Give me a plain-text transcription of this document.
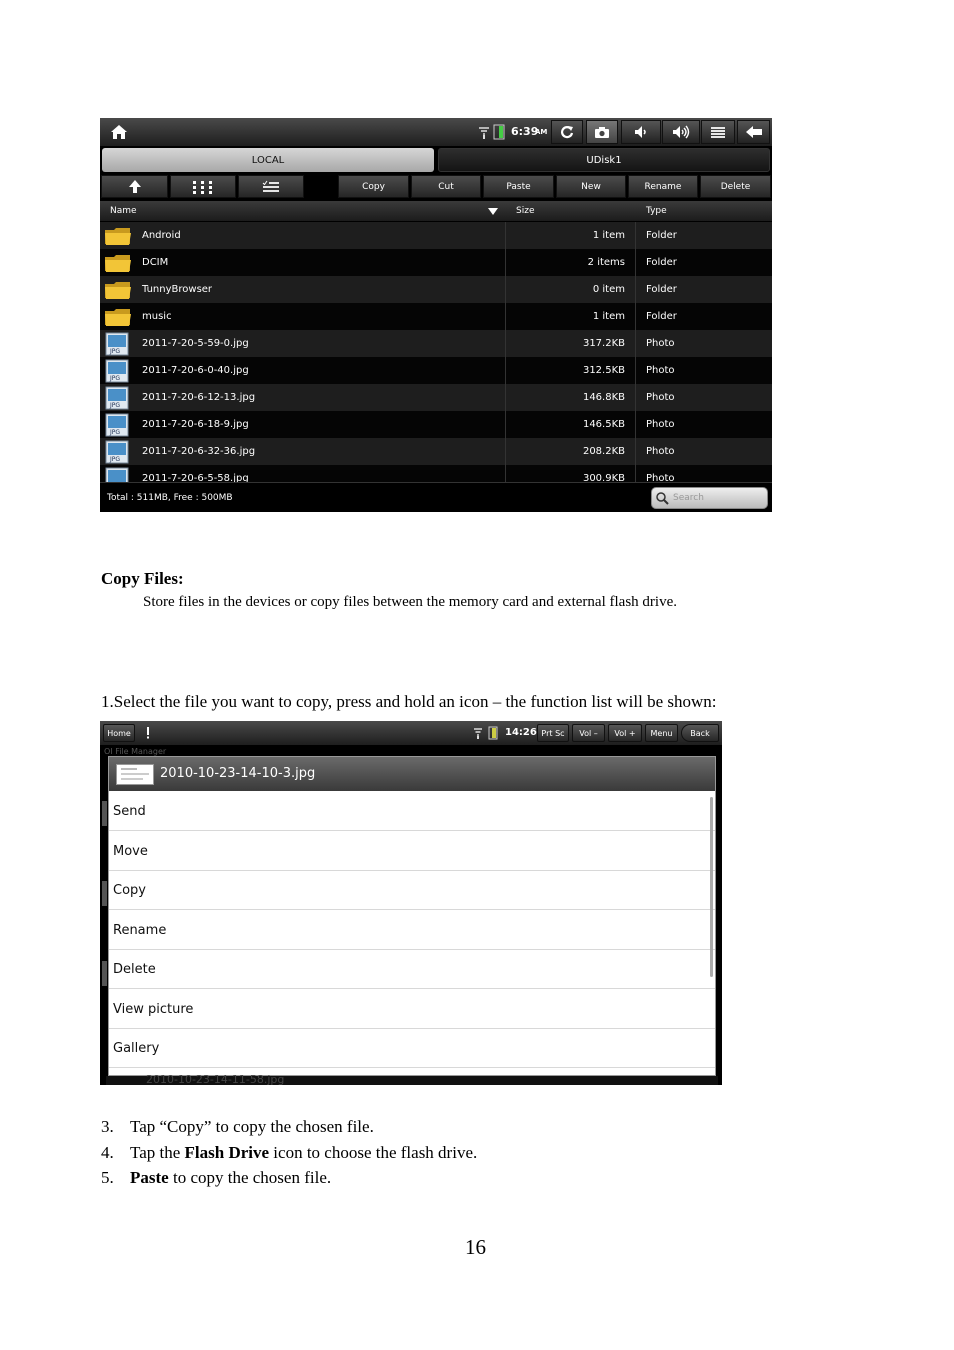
6:39
AM
LOCAL	UDisk1
Copy	Cut	Paste	New	Rename	Delete
Name	Size	Type
Android	1 item Folder
DCIM	2 items Folder
TunnyBrowser	0 item Folder
music	1 item Folder
JPG
2011-7-20-5-59-0.jpg	317.2KB Photo
JPG
2011-7-20-6-0-40.jpg	312.5KB Photo
JPG
2011-7-20-6-12-13.jpg	146.8KB Photo
JPG
2011-7-20-6-18-9.jpg	146.5KB Photo
JPG
2011-7-20-6-32-36.jpg	208.2KB Photo
2011-7-20-6-5-58.jpg	300.9KB Photo
Total : 511MB, Free : 500MB	Search
Copy Files:
Store files in the devices or copy files between the memory card and external flash drive.
1.Select the file you want to copy, press and hold an icon – the function list will be shown:
Home	14:26 Prt Sc	Vol –	Vol +	Menu	Back
OI File Manager
2010-10-23-14-10-3.jpg
Send
Move
Copy
Rename
Delete
View picture
Gallery
2010-10-23-14-11-58.jpg
3. Tap “Copy” to copy the chosen file.
4. Tap the Flash Drive icon to choose the flash drive.
5. Paste to copy the chosen file.
16
